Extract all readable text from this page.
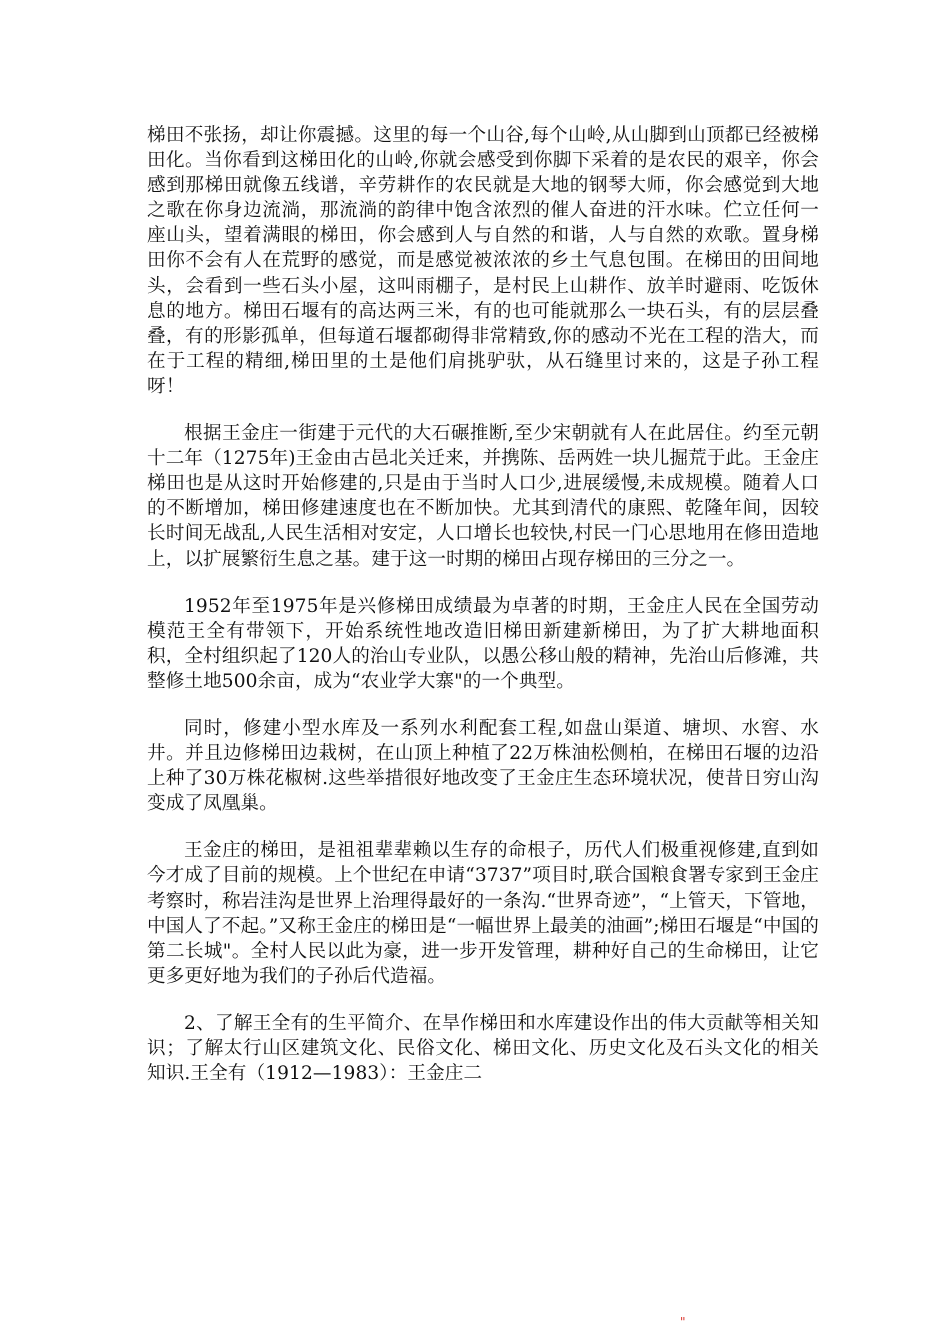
梯田不张扬，却让你震撼。这里的每一个山谷,每个山岭,从山脚到山顶都已经被梯田化。当你看到这梯田化的山岭,你就会感受到你脚下采着的是农民的艰辛，你会感到那梯田就像五线谱，辛劳耕作的农民就是大地的钢琴大师，你会感觉到大地之歌在你身边流淌，那流淌的韵律中饱含浓烈的催人奋进的汗水味。伫立任何一座山头，望着满眼的梯田，你会感到人与自然的和谐，人与自然的欢歌。置身梯田你不会有人在荒野的感觉，而是感觉被浓浓的乡土气息包围。在梯田的田间地头，会看到一些石头小屋，这叫雨棚子，是村民上山耕作、放羊时避雨、吃饭休息的地方。梯田石堰有的高达两三米，有的也可能就那么一块石头，有的层层叠叠，有的形影孤单，但每道石堰都砌得非常精致,你的感动不光在工程的浩大，而在于工程的精细,梯田里的土是他们肩挑驴驮，从石缝里讨来的，这是子孙工程呀！

根据王金庄一街建于元代的大石碾推断,至少宋朝就有人在此居住。约至元朝十二年（1275年)王金由古邑北关迁来，并携陈、岳两姓一块儿掘荒于此。王金庄梯田也是从这时开始修建的,只是由于当时人口少,进展缓慢,未成规模。随着人口的不断增加，梯田修建速度也在不断加快。尤其到清代的康熙、乾隆年间，因较长时间无战乱,人民生活相对安定，人口增长也较快,村民一门心思地用在修田造地上，以扩展繁衍生息之基。建于这一时期的梯田占现存梯田的三分之一。

1952年至1975年是兴修梯田成绩最为卓著的时期，王金庄人民在全国劳动模范王全有带领下，开始系统性地改造旧梯田新建新梯田，为了扩大耕地面积积，全村组织起了120人的治山专业队，以愚公移山般的精神，先治山后修滩，共整修土地500余亩，成为“农业学大寨"的一个典型。

同时，修建小型水库及一系列水利配套工程,如盘山渠道、塘坝、水窖、水井。并且边修梯田边栽树，在山顶上种植了22万株油松侧柏，在梯田石堰的边沿上种了30万株花椒树.这些举措很好地改变了王金庄生态环境状况，使昔日穷山沟变成了凤凰巢。

王金庄的梯田，是祖祖辈辈赖以生存的命根子，历代人们极重视修建,直到如今才成了目前的规模。上个世纪在申请“3737”项目时,联合国粮食署专家到王金庄考察时，称岩洼沟是世界上治理得最好的一条沟.“世界奇迹”，“上管天，下管地，中国人了不起。”又称王金庄的梯田是“一幅世界上最美的油画”;梯田石堰是“中国的第二长城"。全村人民以此为豪，进一步开发管理，耕种好自己的生命梯田，让它更多更好地为我们的子孙后代造福。

2、了解王全有的生平简介、在旱作梯田和水库建设作出的伟大贡献等相关知识；了解太行山区建筑文化、民俗文化、梯田文化、历史文化及石头文化的相关知识.王全有（1912—1983）：王金庄二

"
